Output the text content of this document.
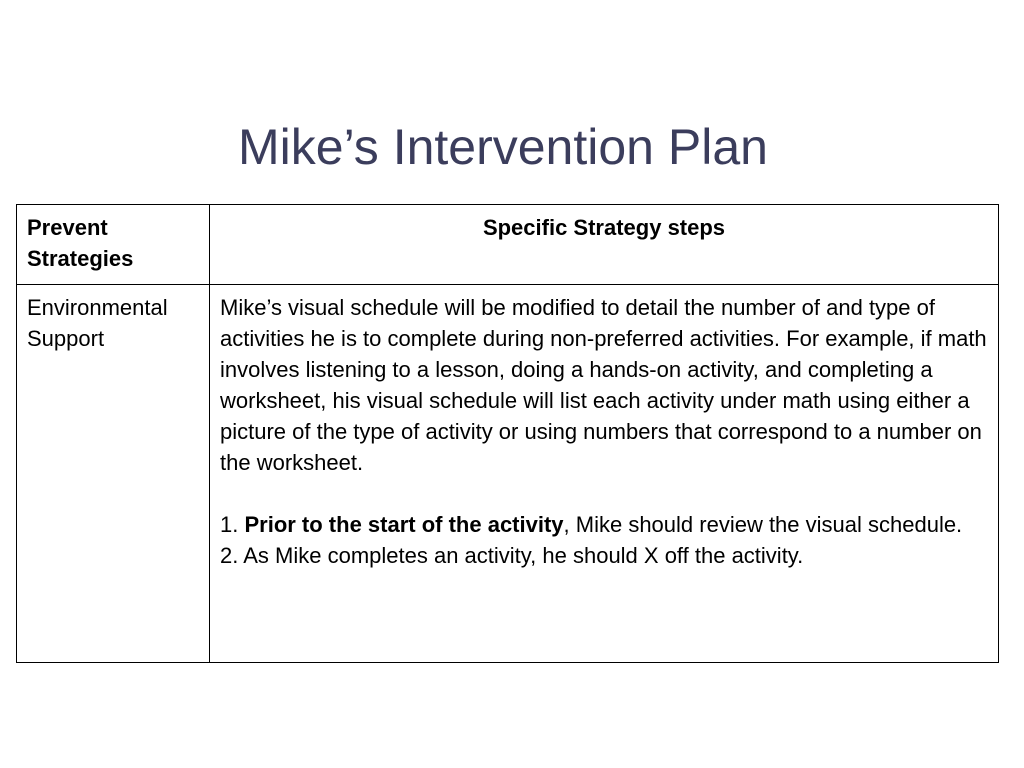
Mike’s Intervention Plan
Prevent Strategies	Specific Strategy steps
Environmental Support	Mike’s visual schedule will be modified to detail the number of and type of activities he is to complete during non-preferred activities. For example, if math involves listening to a lesson, doing a hands-on activity, and completing a worksheet, his visual schedule will list each activity under math using either a picture of the type of activity or using numbers that correspond to a number on the worksheet.

1. Prior to the start of the activity, Mike should review the visual schedule.

2. As Mike completes an activity, he should X off the activity.
